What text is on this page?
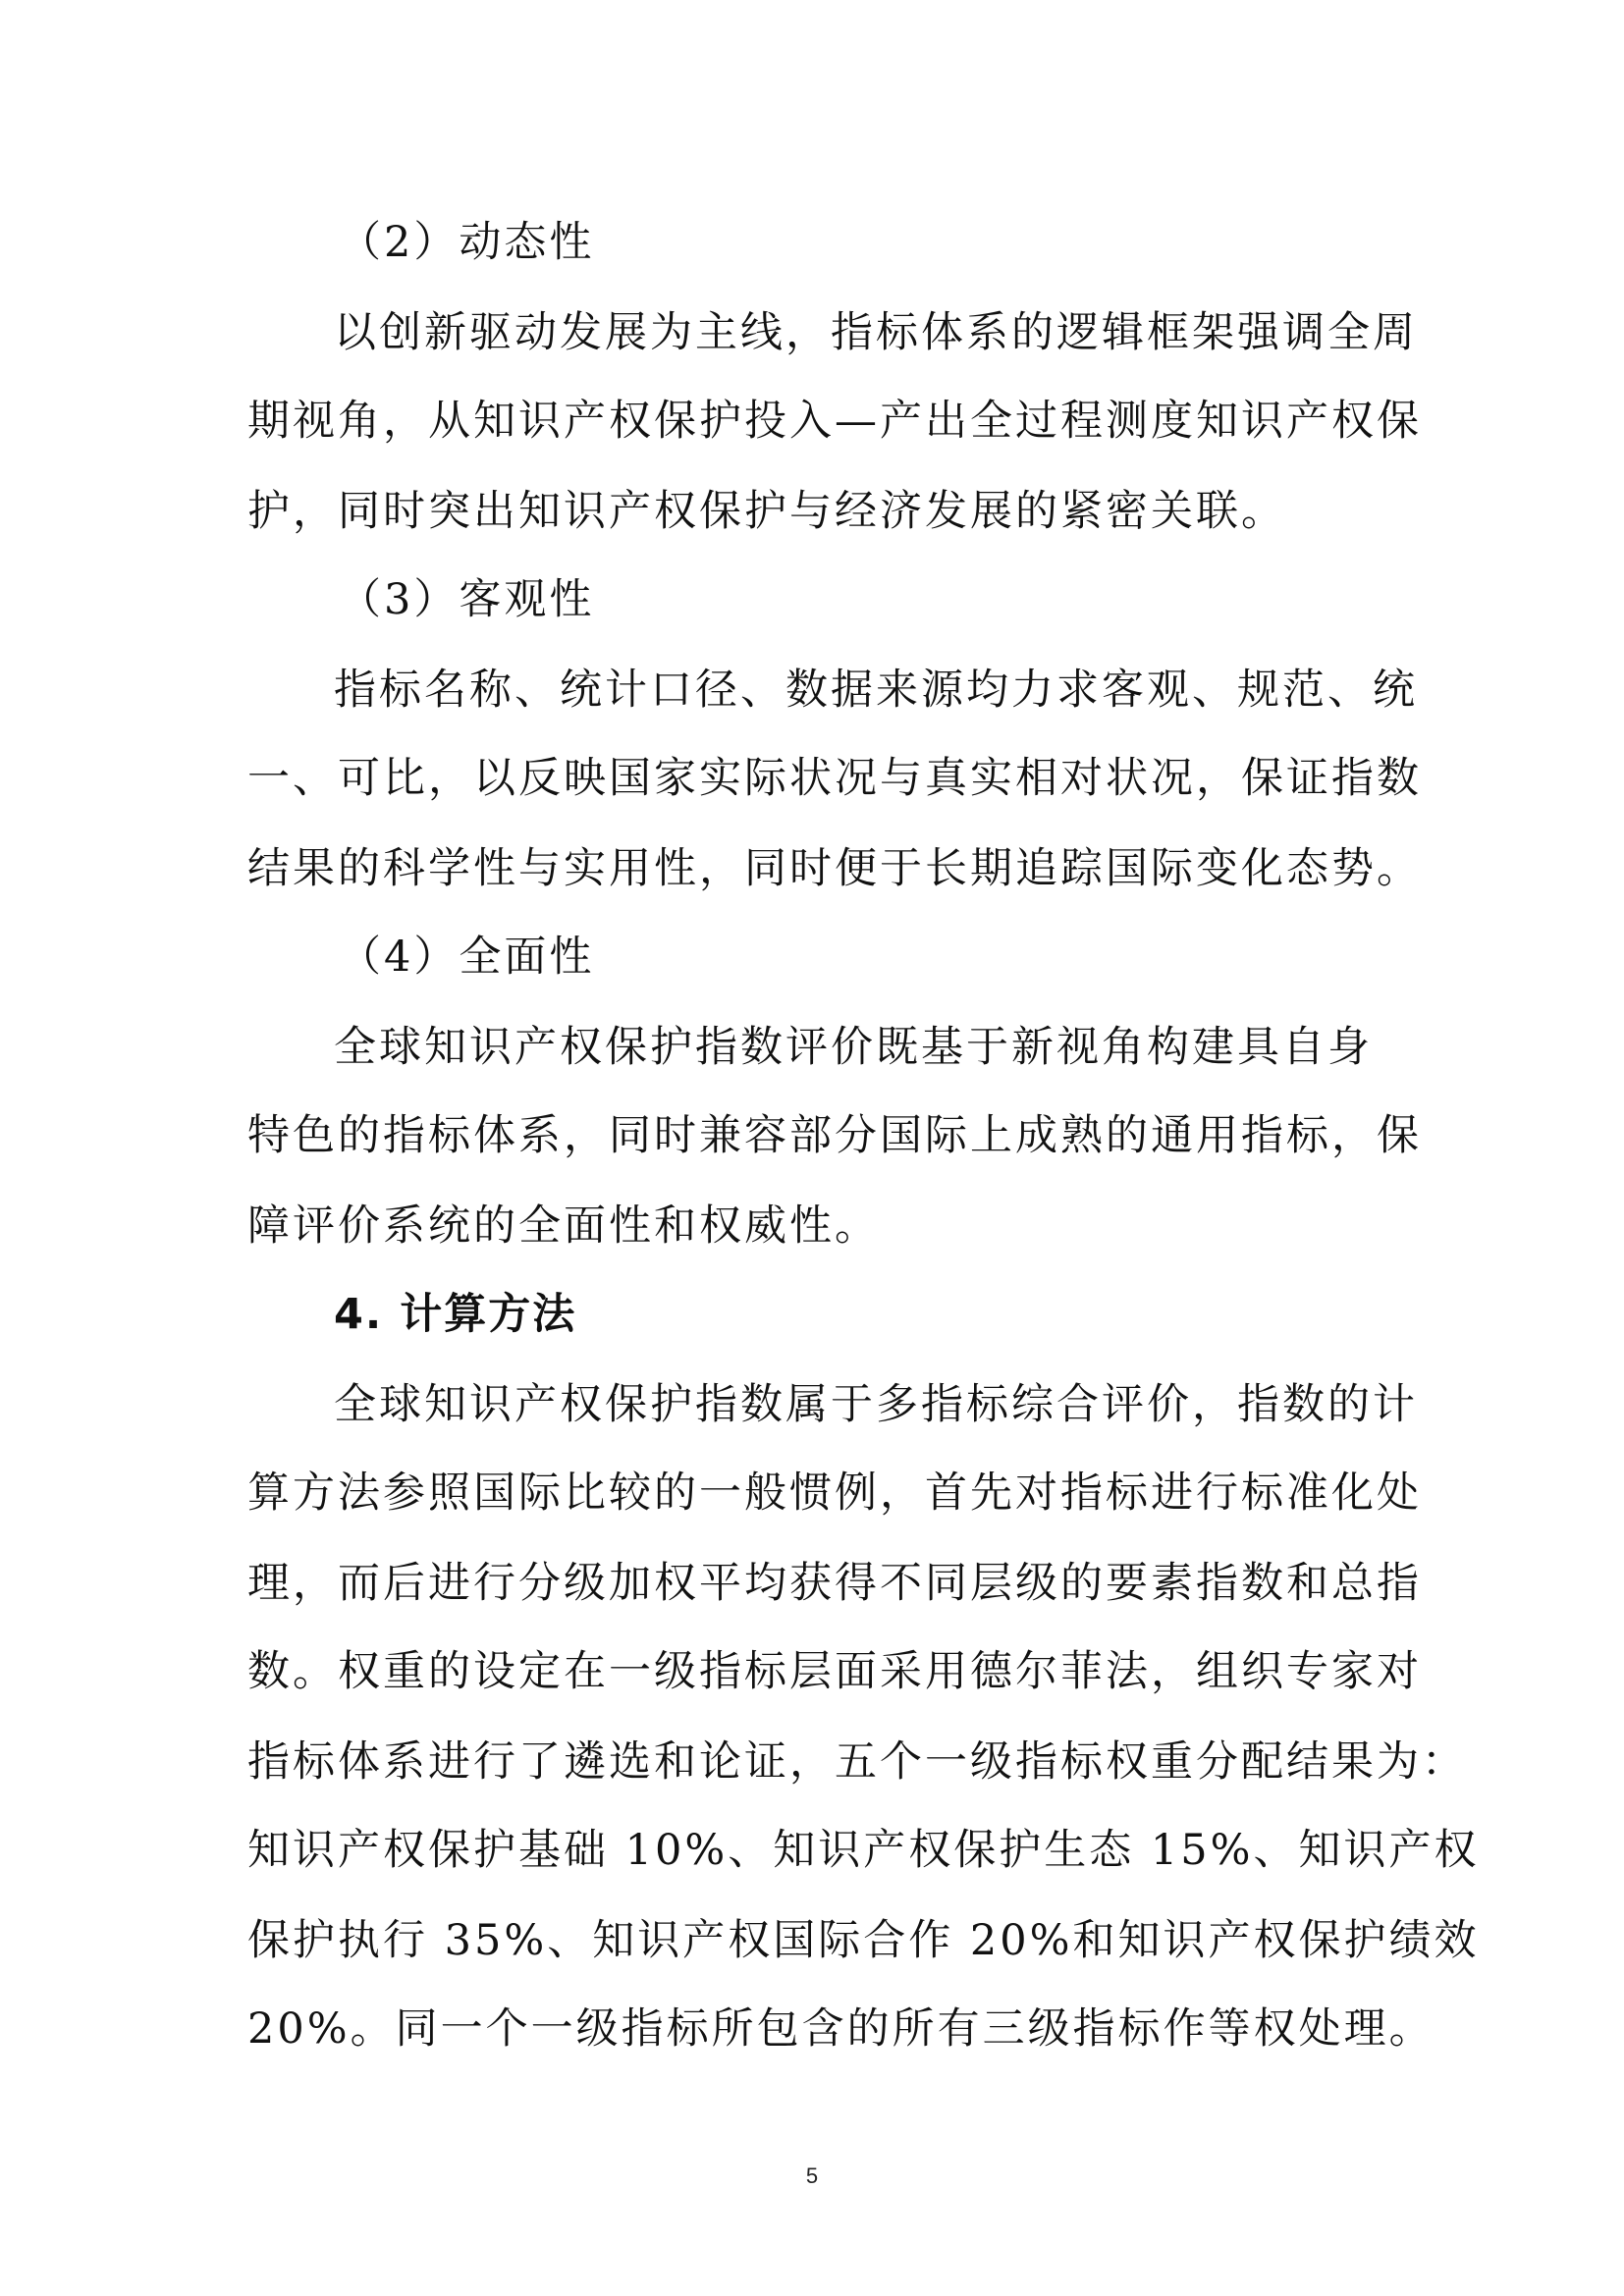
（2）动态性
以创新驱动发展为主线，指标体系的逻辑框架强调全周
期视角，从知识产权保护投入—产出全过程测度知识产权保
护，同时突出知识产权保护与经济发展的紧密关联。
（3）客观性
指标名称、统计口径、数据来源均力求客观、规范、统
一、可比，以反映国家实际状况与真实相对状况，保证指数
结果的科学性与实用性，同时便于长期追踪国际变化态势。
（4）全面性
全球知识产权保护指数评价既基于新视角构建具自身
特色的指标体系，同时兼容部分国际上成熟的通用指标，保
障评价系统的全面性和权威性。
4. 计算方法
全球知识产权保护指数属于多指标综合评价，指数的计
算方法参照国际比较的一般惯例，首先对指标进行标准化处
理，而后进行分级加权平均获得不同层级的要素指数和总指
数。权重的设定在一级指标层面采用德尔菲法，组织专家对
指标体系进行了遴选和论证，五个一级指标权重分配结果为：
知识产权保护基础 10%、知识产权保护生态 15%、知识产权
保护执行 35%、知识产权国际合作 20%和知识产权保护绩效
20%。同一个一级指标所包含的所有三级指标作等权处理。
5
